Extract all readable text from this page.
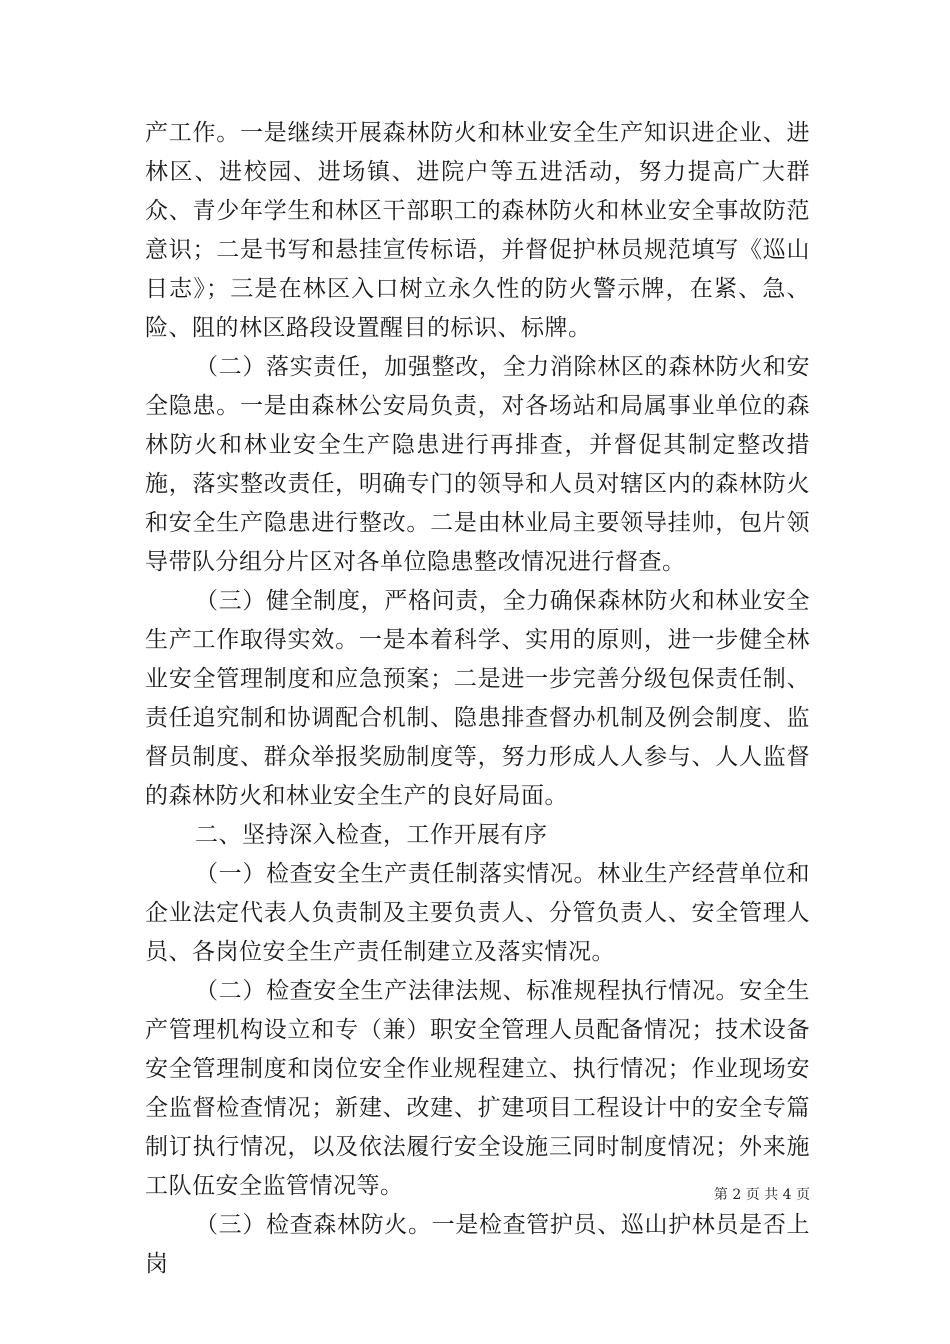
产工作。一是继续开展森林防火和林业安全生产知识进企业、进林区、进校园、进场镇、进院户等五进活动，努力提高广大群众、青少年学生和林区干部职工的森林防火和林业安全事故防范意识；二是书写和悬挂宣传标语，并督促护林员规范填写《巡山日志》；三是在林区入口树立永久性的防火警示牌，在紧、急、险、阻的林区路段设置醒目的标识、标牌。

（二）落实责任，加强整改，全力消除林区的森林防火和安全隐患。一是由森林公安局负责，对各场站和局属事业单位的森林防火和林业安全生产隐患进行再排查，并督促其制定整改措施，落实整改责任，明确专门的领导和人员对辖区内的森林防火和安全生产隐患进行整改。二是由林业局主要领导挂帅，包片领导带队分组分片区对各单位隐患整改情况进行督查。

（三）健全制度，严格问责，全力确保森林防火和林业安全生产工作取得实效。一是本着科学、实用的原则，进一步健全林业安全管理制度和应急预案；二是进一步完善分级包保责任制、责任追究制和协调配合机制、隐患排查督办机制及例会制度、监督员制度、群众举报奖励制度等，努力形成人人参与、人人监督的森林防火和林业安全生产的良好局面。

二、坚持深入检查，工作开展有序

（一）检查安全生产责任制落实情况。林业生产经营单位和企业法定代表人负责制及主要负责人、分管负责人、安全管理人员、各岗位安全生产责任制建立及落实情况。

（二）检查安全生产法律法规、标准规程执行情况。安全生产管理机构设立和专（兼）职安全管理人员配备情况；技术设备安全管理制度和岗位安全作业规程建立、执行情况；作业现场安全监督检查情况；新建、改建、扩建项目工程设计中的安全专篇制订执行情况，以及依法履行安全设施三同时制度情况；外来施工队伍安全监管情况等。

（三）检查森林防火。一是检查管护员、巡山护林员是否上岗

第 2 页 共 4 页
